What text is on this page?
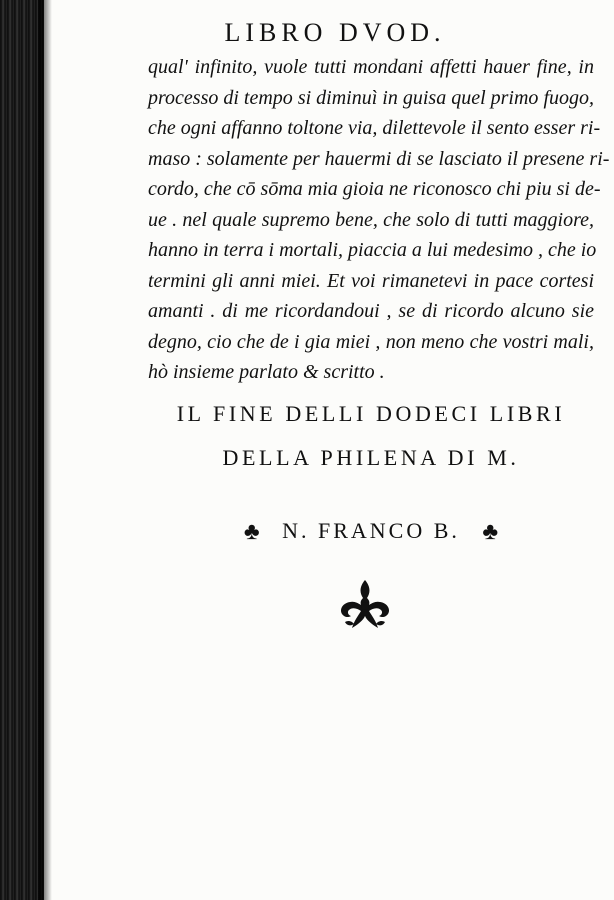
LIBRO DVOD.
qual' infinito, vuole tutti mondani affetti hauer fine, in
processo di tempo si diminuì in guisa quel primo fuogo,
che ogni affanno toltone via, dilettevole il sento esser ri-
maso : solamente per hauermi di se lasciato il presene ri-
cordo, che cō sōma mia gioia ne riconosco chi piu si de-
ue . nel quale supremo bene, che solo di tutti maggiore,
hanno in terra i mortali, piaccia a lui medesimo , che io
termini gli anni miei. Et voi rimanetevi in pace cortesi
amanti . di me ricordandoui , se di ricordo alcuno sie
degno, cio che de i gia miei , non meno che vostri mali,
hò insieme parlato & scritto .
IL FINE DELLI DODECI LIBRI
DELLA PHILENA DI M.
♣ N. FRANCO B. ♣
